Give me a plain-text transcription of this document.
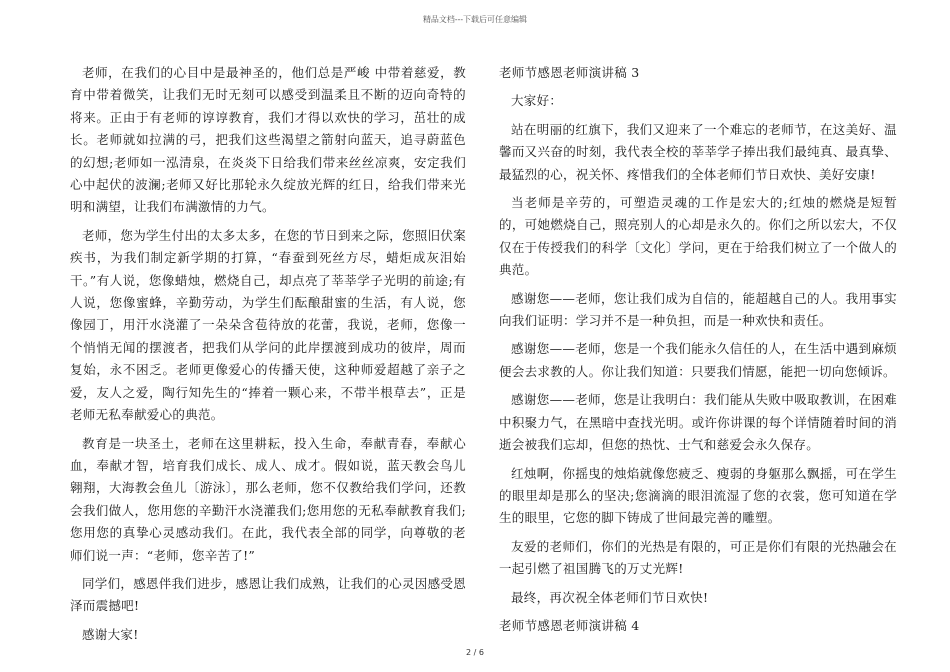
精品文档---下载后可任意编辑

老师，在我们的心目中是最神圣的，他们总是严峻 中带着慈爱，教育中带着微笑，让我们无时无刻可以感受到温柔且不断的迈向奇特的将来。正由于有老师的谆谆教育，我们才得以欢快的学习，茁壮的成长。老师就如拉满的弓，把我们这些渴望之箭射向蓝天，追寻蔚蓝色的幻想;老师如一泓清泉，在炎炎下日给我们带来丝丝凉爽，安定我们心中起伏的波澜;老师又好比那轮永久绽放光辉的红日，给我们带来光明和满望，让我们布满激情的力气。

老师，您为学生付出的太多太多，在您的节日到来之际，您照旧伏案疾书，为我们制定新学期的打算，“春蚕到死丝方尽，蜡炬成灰泪始干。”有人说，您像蜡烛，燃烧自己，却点亮了莘莘学子光明的前途;有人说，您像蜜蜂，辛勤劳动，为学生们酝酿甜蜜的生活，有人说，您像园丁，用汗水浇灌了一朵朵含苞待放的花蕾，我说，老师，您像一个悄悄无闻的摆渡者，把我们从学问的此岸摆渡到成功的彼岸，周而复始，永不困乏。老师更像爱心的传播天使，这种师爱超越了亲子之爱，友人之爱，陶行知先生的“捧着一颗心来，不带半根草去”，正是老师无私奉献爱心的典范。

教育是一块圣土，老师在这里耕耘，投入生命，奉献青春，奉献心血，奉献才智，培育我们成长、成人、成才。假如说，蓝天教会鸟儿翱翔，大海教会鱼儿〔游泳〕，那么老师，您不仅教给我们学问，还教会我们做人，您用您的辛勤汗水浇灌我们;您用您的无私奉献教育我们;您用您的真挚心灵感动我们。在此，我代表全部的同学，向尊敬的老师们说一声：“老师，您辛苦了!”

同学们，感恩伴我们进步，感恩让我们成熟，让我们的心灵因感受恩泽而震撼吧!

感谢大家!

老师节感恩老师演讲稿 3

大家好：

站在明丽的红旗下，我们又迎来了一个难忘的老师节，在这美好、温馨而又兴奋的时刻，我代表全校的莘莘学子捧出我们最纯真、最真挚、最猛烈的心，祝关怀、疼惜我们的全体老师们节日欢快、美好安康!

当老师是辛劳的，可塑造灵魂的工作是宏大的;红烛的燃烧是短暂的，可她燃烧自己，照亮别人的心却是永久的。你们之所以宏大，不仅仅在于传授我们的科学〔文化〕学问，更在于给我们树立了一个做人的典范。

感谢您——老师，您让我们成为自信的，能超越自己的人。我用事实向我们证明：学习并不是一种负担，而是一种欢快和责任。

感谢您——老师，您是一个我们能永久信任的人，在生活中遇到麻烦便会去求教的人。你让我们知道：只要我们情愿，能把一切向您倾诉。

感谢您——老师，您是让我明白：我们能从失败中吸取教训，在困难中积聚力气，在黑暗中查找光明。或许你讲课的每个详情随着时间的消逝会被我们忘却，但您的热忱、士气和慈爱会永久保存。

红烛啊，你摇曳的烛焰就像您疲乏、瘦弱的身躯那么飘摇，可在学生的眼里却是那么的坚决;您滴滴的眼泪流湿了您的衣裳，您可知道在学生的眼里，它您的脚下铸成了世间最完善的雕塑。

友爱的老师们，你们的光热是有限的，可正是你们有限的光热融会在一起引燃了祖国腾飞的万丈光辉!

最终，再次祝全体老师们节日欢快!

老师节感恩老师演讲稿 4

2 / 6
